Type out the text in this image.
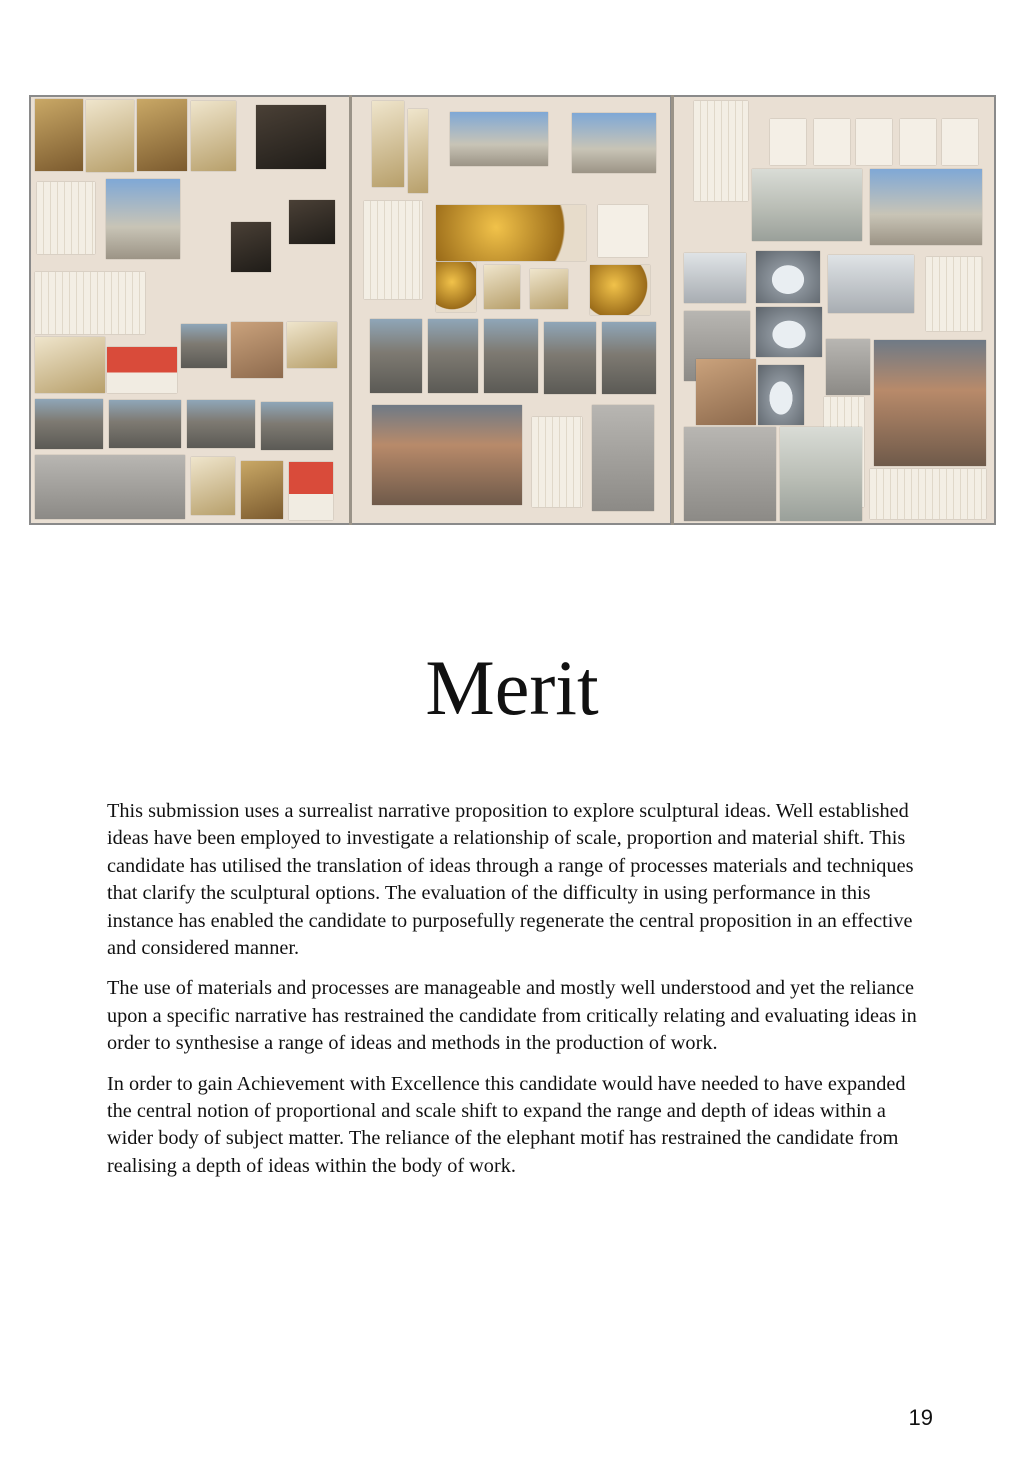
Merit

This submission uses a surrealist narrative proposition to explore sculptural ideas. Well established ideas have been employed to investigate a relationship of scale, proportion and material shift. This candidate has utilised the translation of ideas through a range of processes materials and techniques that clarify the sculptural options. The evaluation of the difficulty in using performance in this instance has enabled the candidate to purposefully regenerate the central proposition in an effective and considered manner.

The use of materials and processes are manageable and mostly well understood and yet the reliance upon a specific narrative has restrained the candidate from critically relating and evaluating ideas in order to synthesise a range of ideas and methods in the production of work.

In order to gain Achievement with Excellence this candidate would have needed to have expanded the central notion of proportional and scale shift to expand the range and depth of ideas within a wider body of subject matter. The reliance of the elephant motif has restrained the candidate from realising a depth of ideas within the body of work.

19
